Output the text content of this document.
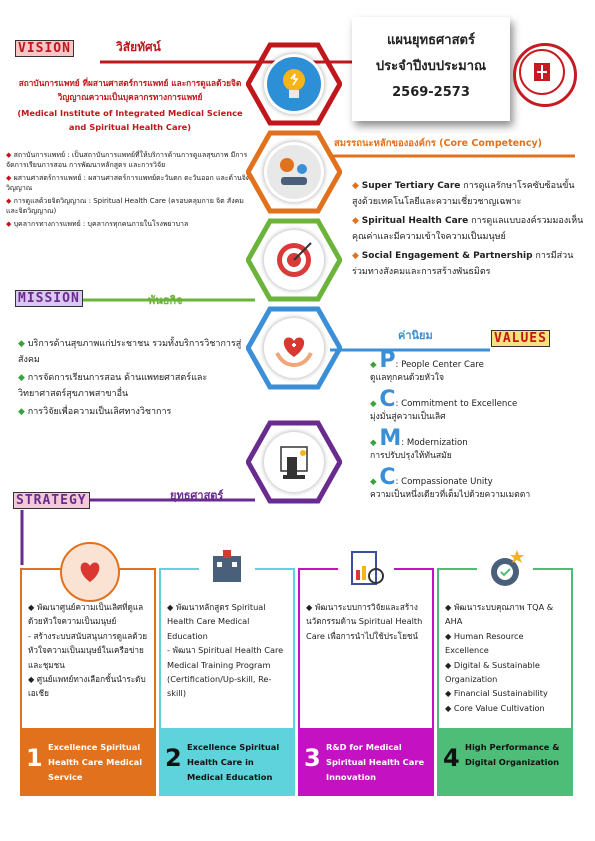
แผนยุทธศาสตร์
ประจำปีงบประมาณ
2569-2573
VISION	วิสัยทัศน์
สถาบันการแพทย์ ที่ผสานศาสตร์การแพทย์ และการดูแลด้วยจิตวิญญาณความเป็นบุคลากรทางการแพทย์
(Medical Institute of Integrated Medical Science and Spiritual Health Care)
◆ สถาบันการแพทย์ : เป็นสถาบันการแพทย์ที่ให้บริการด้านการดูแลสุขภาพ มีการจัดการเรียนการสอน การพัฒนาหลักสูตร และการวิจัย
◆ ผสานศาสตร์การแพทย์ : ผสานศาสตร์การแพทย์ตะวันตก ตะวันออก และด้านจิตวิญญาณ
◆ การดูแลด้วยจิตวิญญาณ : Spiritual Health Care (ครอบคลุมกาย จิต สังคม และจิตวิญญาณ)
◆ บุคลากรทางการแพทย์ : บุคลากรทุกคนภายในโรงพยาบาล
สมรรถนะหลักขององค์กร (Core Competency)
◆ Super Tertiary Care การดูแลรักษาโรคซับซ้อนขั้นสูงด้วยเทคโนโลยีและความเชี่ยวชาญเฉพาะ
◆ Spiritual Health Care การดูแลแบบองค์รวมมองเห็นคุณค่าและมีความเข้าใจความเป็นมนุษย์
◆ Social Engagement & Partnership การมีส่วนร่วมทางสังคมและการสร้างพันธมิตร
MISSION	พันธกิจ
◆ บริการด้านสุขภาพแก่ประชาชน รวมทั้งบริการวิชาการสู่สังคม
◆ การจัดการเรียนการสอน ด้านแพทยศาสตร์และวิทยาศาสตร์สุขภาพสาขาอื่น
◆ การวิจัยเพื่อความเป็นเลิศทางวิชาการ
ค่านิยม	VALUES
◆ P: People Center Care
ดูแลทุกคนด้วยหัวใจ
◆ C: Commitment to Excellence
มุ่งมั่นสู่ความเป็นเลิศ
◆ M: Modernization
การปรับปรุงให้ทันสมัย
◆ C: Compassionate Unity
ความเป็นหนึ่งเดียวที่เต็มไปด้วยความเมตตา
STRATEGY	ยุทธศาสตร์
◆ พัฒนาศูนย์ความเป็นเลิศที่ดูแลด้วยหัวใจความเป็นมนุษย์
- สร้างระบบสนับสนุนการดูแลด้วยหัวใจความเป็นมนุษย์ในเครือข่ายและชุมชน
◆ ศูนย์แพทย์ทางเลือกชั้นนำระดับเอเชีย
1 Excellence Spiritual Health Care Medical Service
◆ พัฒนาหลักสูตร Spiritual Health Care Medical Education
- พัฒนา Spiritual Health Care Medical Training Program (Certification/Up-skill, Re-skill)
2 Excellence Spiritual Health Care in Medical Education
◆ พัฒนาระบบการวิจัยและสร้างนวัตกรรมด้าน Spiritual Health Care เพื่อการนำไปใช้ประโยชน์
3 R&D for Medical Spiritual Health Care Innovation
◆ พัฒนาระบบคุณภาพ TQA & AHA
◆ Human Resource Excellence
◆ Digital & Sustainable Organization
◆ Financial Sustainability
◆ Core Value Cultivation
4 High Performance & Digital Organization
